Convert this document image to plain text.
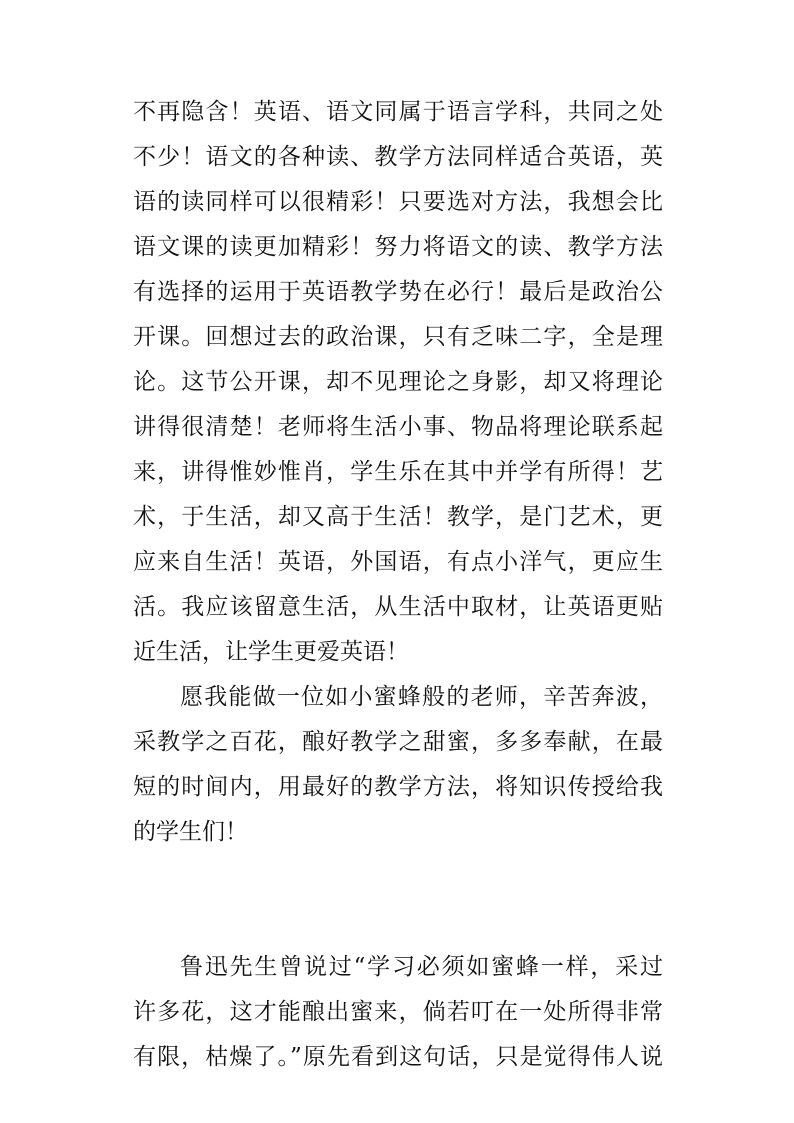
不再隐含！英语、语文同属于语言学科，共同之处
不少！语文的各种读、教学方法同样适合英语，英
语的读同样可以很精彩！只要选对方法，我想会比
语文课的读更加精彩！努力将语文的读、教学方法
有选择的运用于英语教学势在必行！最后是政治公
开课。回想过去的政治课，只有乏味二字，全是理
论。这节公开课，却不见理论之身影，却又将理论
讲得很清楚！老师将生活小事、物品将理论联系起
来，讲得惟妙惟肖，学生乐在其中并学有所得！艺
术，于生活，却又高于生活！教学，是门艺术，更
应来自生活！英语，外国语，有点小洋气，更应生
活。我应该留意生活，从生活中取材，让英语更贴
近生活，让学生更爱英语！
愿我能做一位如小蜜蜂般的老师，辛苦奔波，
采教学之百花，酿好教学之甜蜜，多多奉献，在最
短的时间内，用最好的教学方法，将知识传授给我
的学生们！
鲁迅先生曾说过“学习必须如蜜蜂一样，采过
许多花，这才能酿出蜜来，倘若叮在一处所得非常
有限，枯燥了。”原先看到这句话，只是觉得伟人说
